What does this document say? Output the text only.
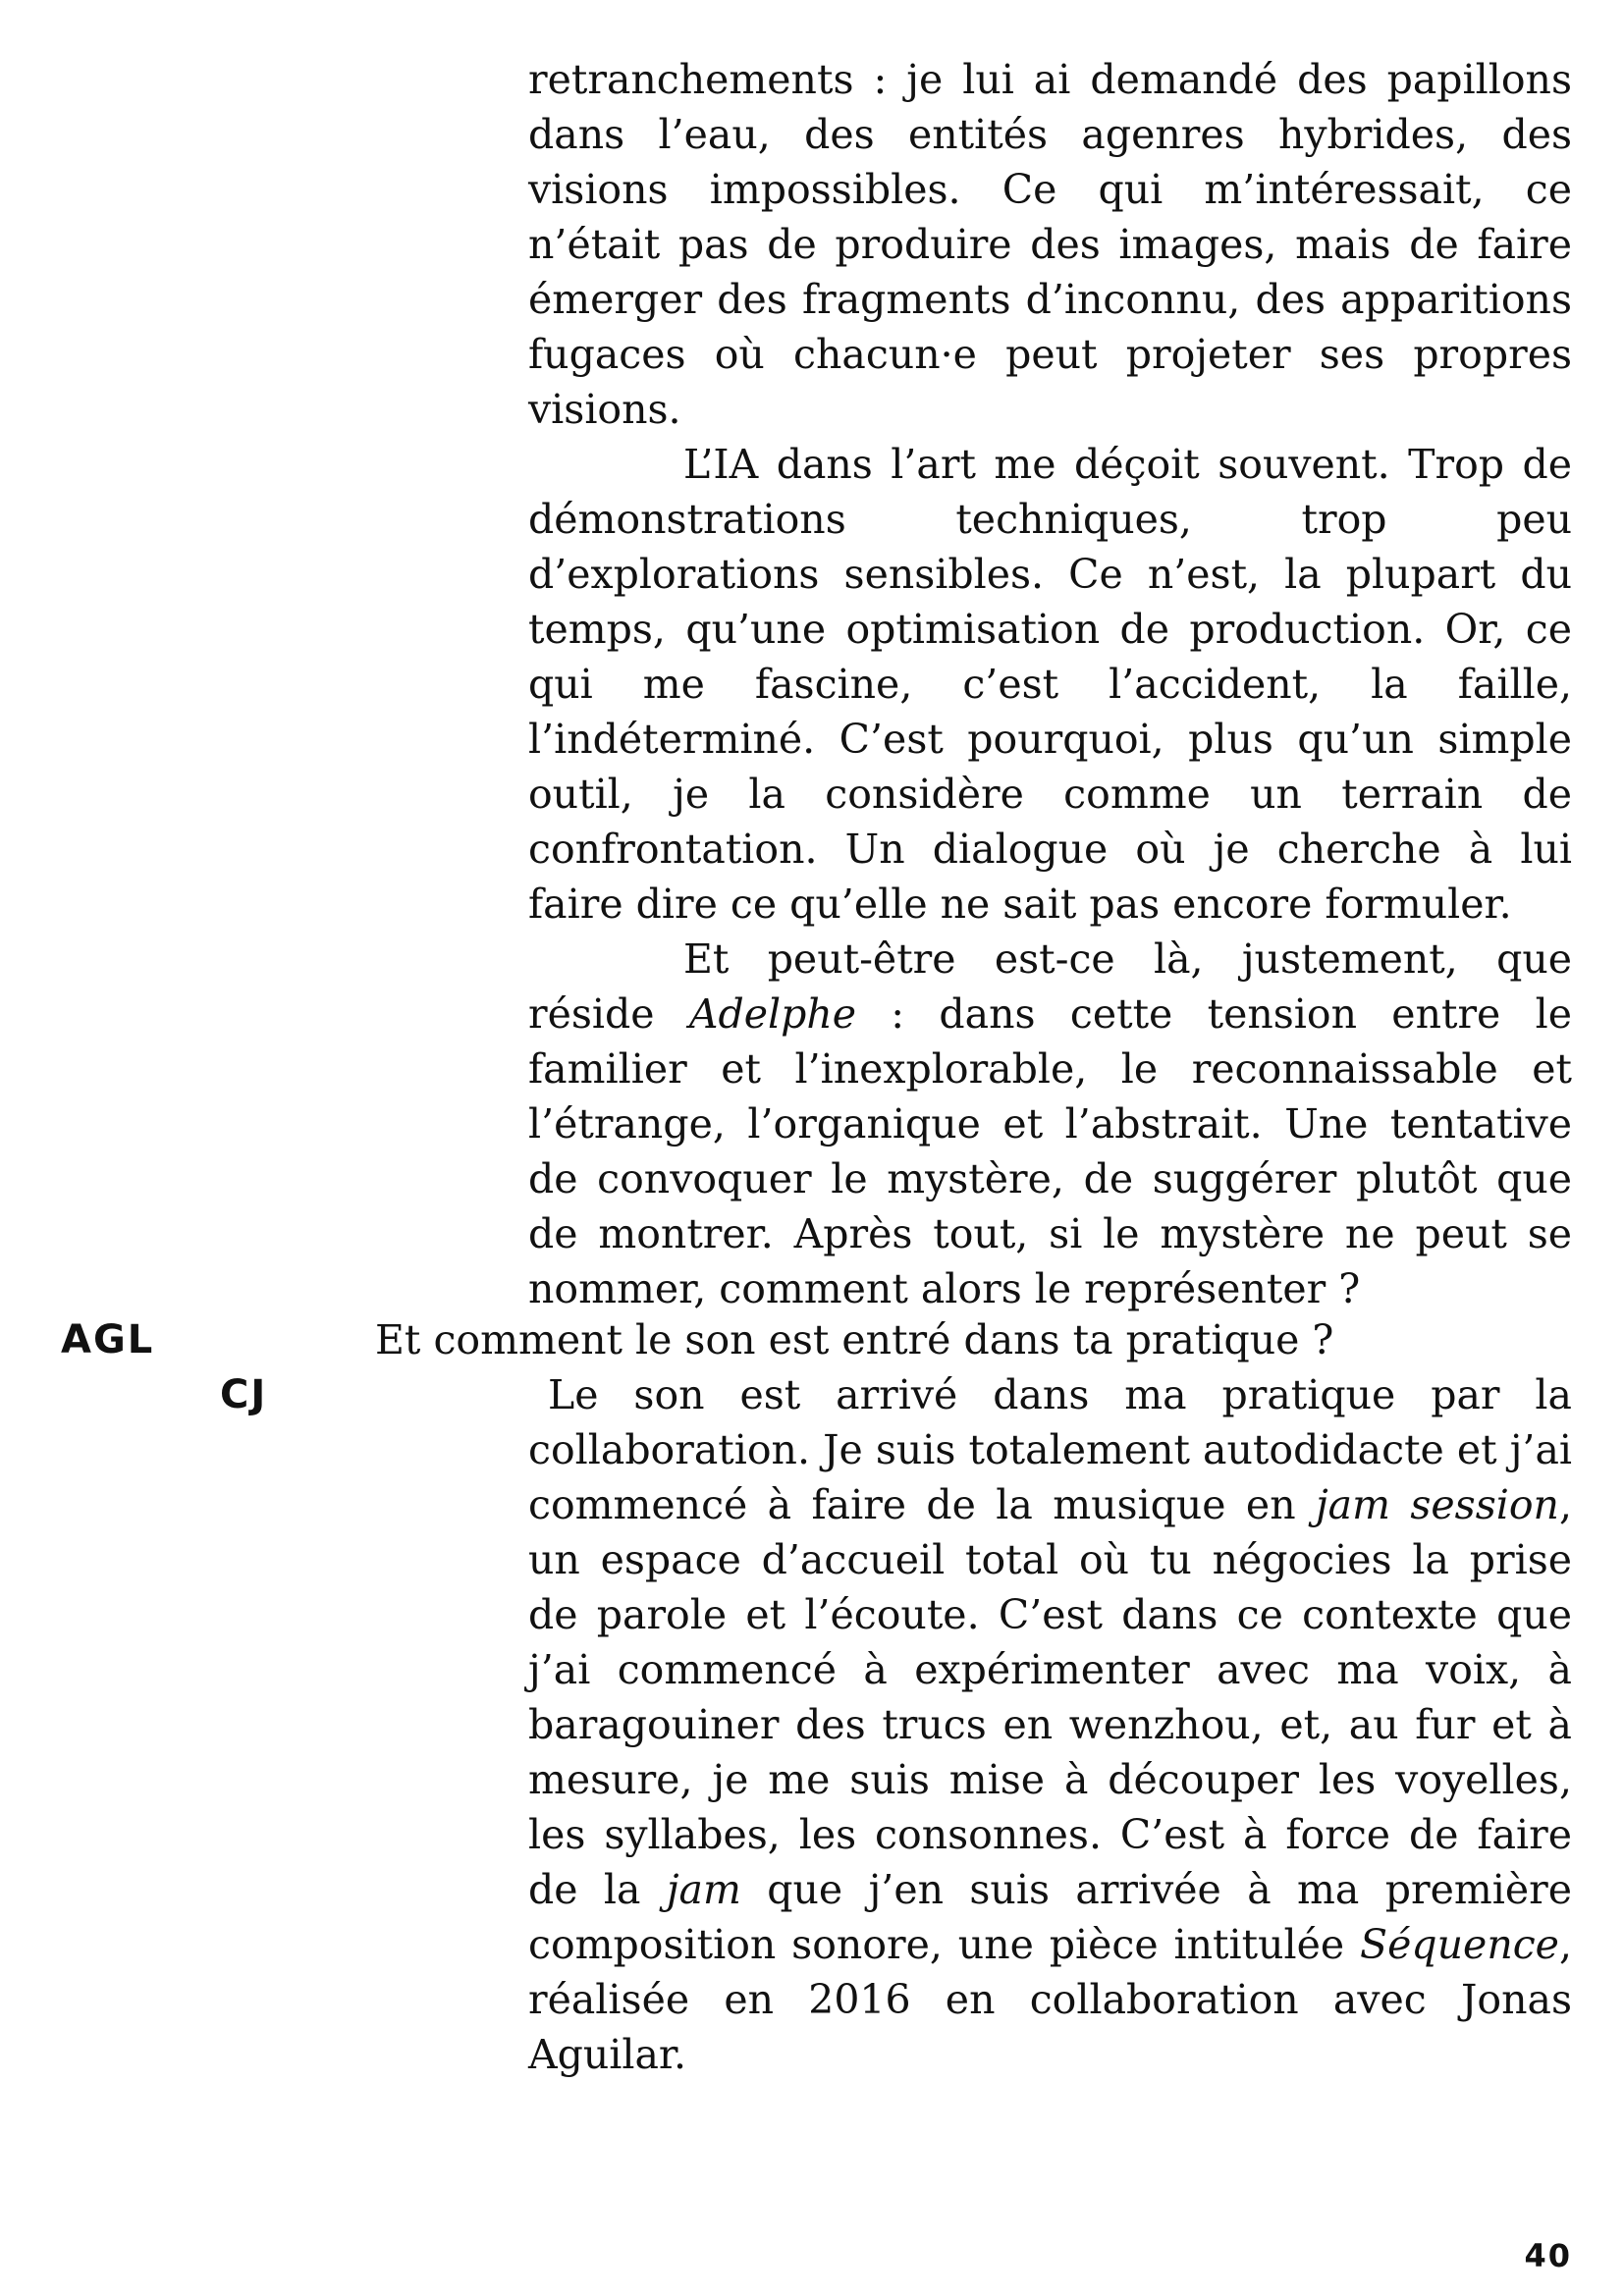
retranchements : je lui ai demandé des papillons dans l’eau, des entités agenres hybrides, des visions impossibles. Ce qui m’intéressait, ce n’était pas de produire des images, mais de faire émerger des fragments d’inconnu, des apparitions fugaces où chacun·e peut projeter ses propres visions.

L’IA dans l’art me déçoit souvent. Trop de démonstrations techniques, trop peu d’explorations sensibles. Ce n’est, la plupart du temps, qu’une optimisation de production. Or, ce qui me fascine, c’est l’accident, la faille, l’indéterminé. C’est pourquoi, plus qu’un simple outil, je la considère comme un terrain de confrontation. Un dialogue où je cherche à lui faire dire ce qu’elle ne sait pas encore formuler.

Et peut-être est-ce là, justement, que réside Adelphe : dans cette tension entre le familier et l’inexplorable, le reconnaissable et l’étrange, l’organique et l’abstrait. Une tentative de convoquer le mystère, de suggérer plutôt que de montrer. Après tout, si le mystère ne peut se nommer, comment alors le représenter ?

AGL	Et comment le son est entré dans ta pratique ?
CJ	Le son est arrivé dans ma pratique par la collaboration. Je suis totalement autodidacte et j’ai commencé à faire de la musique en jam session, un espace d’accueil total où tu négocies la prise de parole et l’écoute. C’est dans ce contexte que j’ai commencé à expérimenter avec ma voix, à baragouiner des trucs en wenzhou, et, au fur et à mesure, je me suis mise à découper les voyelles, les syllabes, les consonnes. C’est à force de faire de la jam que j’en suis arrivée à ma première composition sonore, une pièce intitulée Séquence, réalisée en 2016 en collaboration avec Jonas Aguilar.

40
